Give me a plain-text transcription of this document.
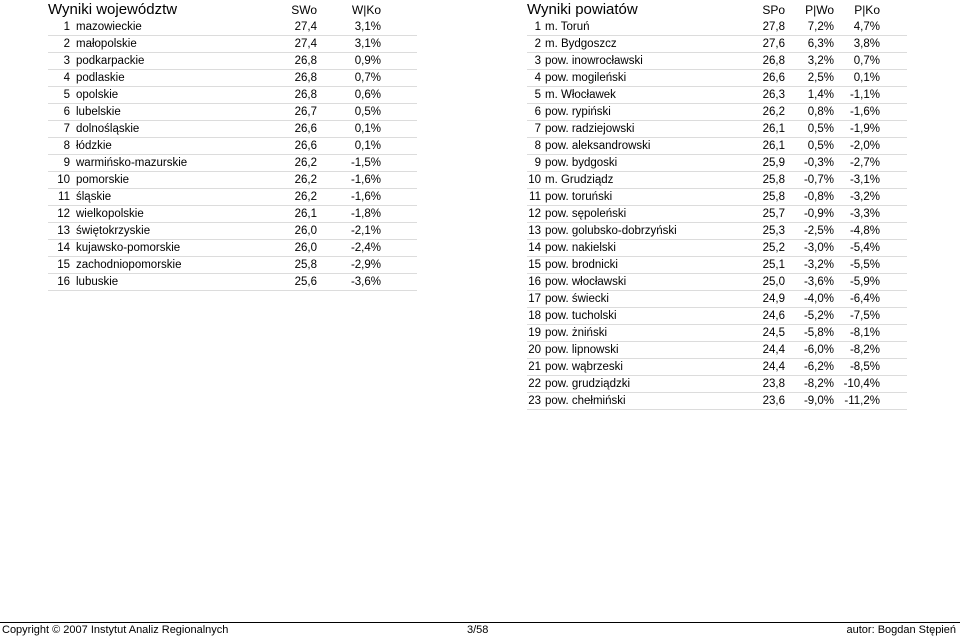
Wyniki województw		SWo	W|Ko	
1	mazowieckie	27,4	3,1%	
2	małopolskie	27,4	3,1%	
3	podkarpackie	26,8	0,9%	
4	podlaskie	26,8	0,7%	
5	opolskie	26,8	0,6%	
6	lubelskie	26,7	0,5%	
7	dolnośląskie	26,6	0,1%	
8	łódzkie	26,6	0,1%	
9	warmińsko-mazurskie	26,2	-1,5%	
10	pomorskie	26,2	-1,6%	
11	śląskie	26,2	-1,6%	
12	wielkopolskie	26,1	-1,8%	
13	świętokrzyskie	26,0	-2,1%	
14	kujawsko-pomorskie	26,0	-2,4%	
15	zachodniopomorskie	25,8	-2,9%	
16	lubuskie	25,6	-3,6%	
Wyniki powiatów		SPo	P|Wo	P|Ko	
1	m. Toruń	27,8	7,2%	4,7%	
2	m. Bydgoszcz	27,6	6,3%	3,8%	
3	pow. inowrocławski	26,8	3,2%	0,7%	
4	pow. mogileński	26,6	2,5%	0,1%	
5	m. Włocławek	26,3	1,4%	-1,1%	
6	pow. rypiński	26,2	0,8%	-1,6%	
7	pow. radziejowski	26,1	0,5%	-1,9%	
8	pow. aleksandrowski	26,1	0,5%	-2,0%	
9	pow. bydgoski	25,9	-0,3%	-2,7%	
10	m. Grudziądz	25,8	-0,7%	-3,1%	
11	pow. toruński	25,8	-0,8%	-3,2%	
12	pow. sępoleński	25,7	-0,9%	-3,3%	
13	pow. golubsko-dobrzyński	25,3	-2,5%	-4,8%	
14	pow. nakielski	25,2	-3,0%	-5,4%	
15	pow. brodnicki	25,1	-3,2%	-5,5%	
16	pow. włocławski	25,0	-3,6%	-5,9%	
17	pow. świecki	24,9	-4,0%	-6,4%	
18	pow. tucholski	24,6	-5,2%	-7,5%	
19	pow. żniński	24,5	-5,8%	-8,1%	
20	pow. lipnowski	24,4	-6,0%	-8,2%	
21	pow. wąbrzeski	24,4	-6,2%	-8,5%	
22	pow. grudziądzki	23,8	-8,2%	-10,4%	
23	pow. chełmiński	23,6	-9,0%	-11,2%	
Copyright © 2007 Instytut Analiz Regionalnych	3/58	autor: Bogdan Stępień
